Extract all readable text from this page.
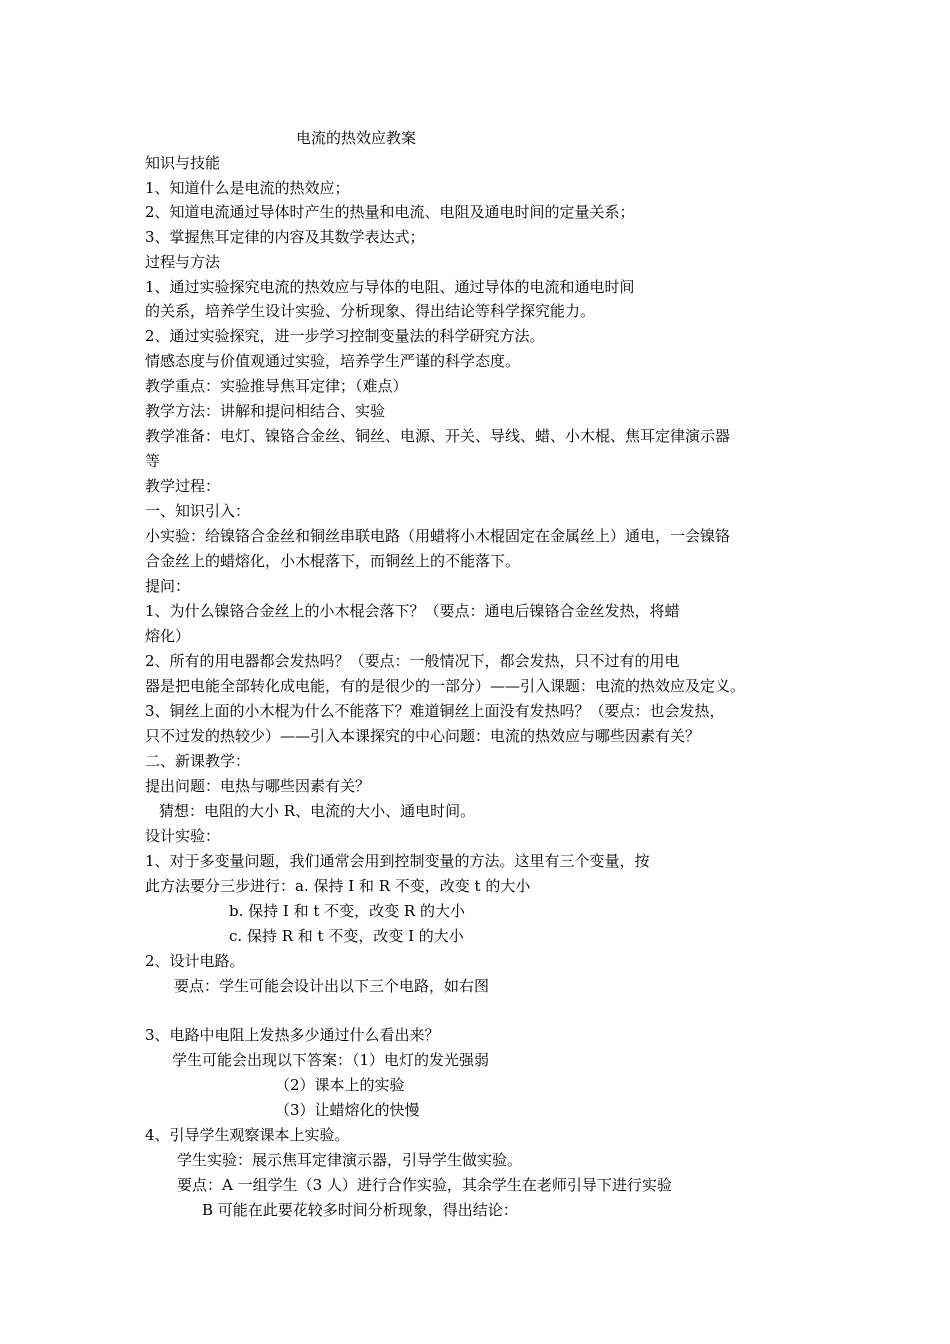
电流的热效应教案
知识与技能
1、知道什么是电流的热效应；
2、知道电流通过导体时产生的热量和电流、电阻及通电时间的定量关系；
3、掌握焦耳定律的内容及其数学表达式；
过程与方法
1、通过实验探究电流的热效应与导体的电阻、通过导体的电流和通电时间
的关系，培养学生设计实验、分析现象、得出结论等科学探究能力。
2、通过实验探究，进一步学习控制变量法的科学研究方法。
情感态度与价值观通过实验，培养学生严谨的科学态度。
教学重点：实验推导焦耳定律；（难点）
教学方法：讲解和提问相结合、实验
教学准备：电灯、镍铬合金丝、铜丝、电源、开关、导线、蜡、小木棍、焦耳定律演示器
等
教学过程：
一、知识引入：
小实验：给镍铬合金丝和铜丝串联电路（用蜡将小木棍固定在金属丝上）通电，一会镍铬
合金丝上的蜡熔化，小木棍落下，而铜丝上的不能落下。
提问：
1、为什么镍铬合金丝上的小木棍会落下？（要点：通电后镍铬合金丝发热，将蜡
熔化）
2、所有的用电器都会发热吗？（要点：一般情况下，都会发热，只不过有的用电
器是把电能全部转化成电能，有的是很少的一部分）——引入课题：电流的热效应及定义。
3、铜丝上面的小木棍为什么不能落下？难道铜丝上面没有发热吗？（要点：也会发热，
只不过发的热较少）——引入本课探究的中心问题：电流的热效应与哪些因素有关？
二、新课教学：
提出问题：电热与哪些因素有关？
猜想：电阻的大小 R、电流的大小、通电时间。
设计实验：
1、对于多变量问题，我们通常会用到控制变量的方法。这里有三个变量，按
此方法要分三步进行：a. 保持 I 和 R 不变，改变 t 的大小
b. 保持 I 和 t 不变，改变 R 的大小
c. 保持 R 和 t 不变，改变 I 的大小
2、设计电路。
要点：学生可能会设计出以下三个电路，如右图
3、电路中电阻上发热多少通过什么看出来？
学生可能会出现以下答案：（1）电灯的发光强弱
（2）课本上的实验
（3）让蜡熔化的快慢
4、引导学生观察课本上实验。
学生实验：展示焦耳定律演示器，引导学生做实验。
要点：A 一组学生（3 人）进行合作实验，其余学生在老师引导下进行实验
B 可能在此要花较多时间分析现象，得出结论：
